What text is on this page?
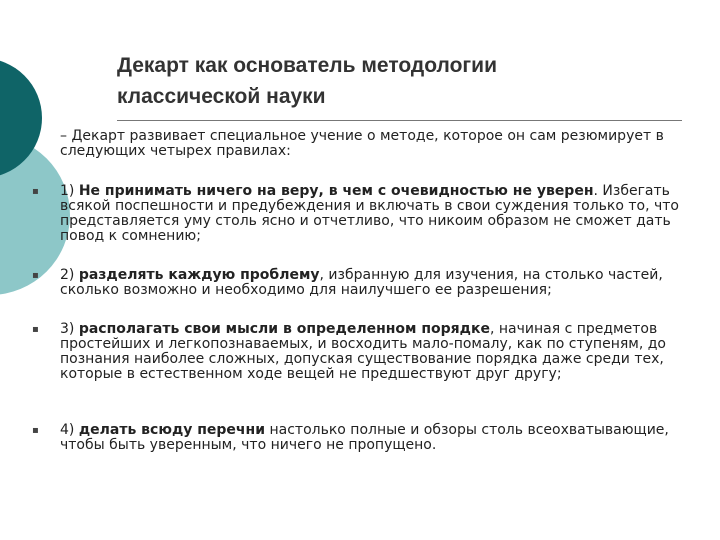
Декарт как основатель методологии
классической науки
– Декарт развивает специальное учение о методе, которое он сам резюмирует в следующих четырех правилах:
▪ 1) Не принимать ничего на веру, в чем с очевидностью не уверен. Избегать всякой поспешности и предубеждения и включать в свои суждения только то, что представляется уму столь ясно и отчетливо, что никоим образом не сможет дать повод к сомнению;
▪ 2) разделять каждую проблему, избранную для изучения, на столько частей, сколько возможно и необходимо для наилучшего ее разрешения;
▪ 3) располагать свои мысли в определенном порядке, начиная с предметов простейших и легкопознаваемых, и восходить мало-помалу, как по ступеням, до познания наиболее сложных, допуская существование порядка даже среди тех, которые в естественном ходе вещей не предшествуют друг другу;
▪ 4) делать всюду перечни настолько полные и обзоры столь всеохватывающие, чтобы быть уверенным, что ничего не пропущено.
